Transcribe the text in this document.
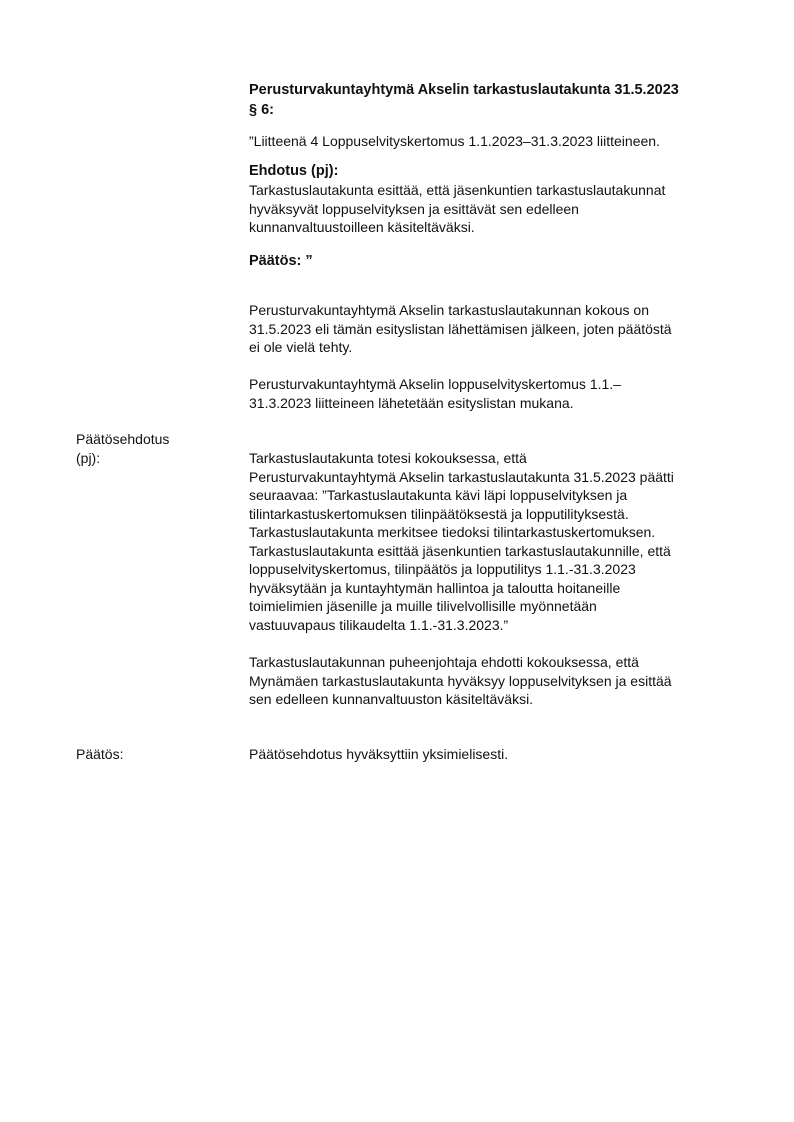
Perusturvakuntayhtymä Akselin tarkastuslautakunta 31.5.2023

§ 6:

”Liitteenä 4 Loppuselvityskertomus 1.1.2023–31.3.2023 liitteineen.

Ehdotus (pj):

Tarkastuslautakunta esittää, että jäsenkuntien tarkastuslautakunnat

hyväksyvät loppuselvityksen ja esittävät sen edelleen

kunnanvaltuustoilleen käsiteltäväksi.

Päätös: ”

Perusturvakuntayhtymä Akselin tarkastuslautakunnan kokous on

31.5.2023 eli tämän esityslistan lähettämisen jälkeen, joten päätöstä

ei ole vielä tehty.

Perusturvakuntayhtymä Akselin loppuselvityskertomus 1.1.–

31.3.2023 liitteineen lähetetään esityslistan mukana.

Päätösehdotus

(pj):	Tarkastuslautakunta totesi kokouksessa, että

Perusturvakuntayhtymä Akselin tarkastuslautakunta 31.5.2023 päätti

seuraavaa: ”Tarkastuslautakunta kävi läpi loppuselvityksen ja

tilintarkastuskertomuksen tilinpäätöksestä ja lopputilityksestä.

Tarkastuslautakunta merkitsee tiedoksi tilintarkastuskertomuksen.

Tarkastuslautakunta esittää jäsenkuntien tarkastuslautakunnille, että

loppuselvityskertomus, tilinpäätös ja lopputilitys 1.1.-31.3.2023

hyväksytään ja kuntayhtymän hallintoa ja taloutta hoitaneille

toimielimien jäsenille ja muille tilivelvollisille myönnetään

vastuuvapaus tilikaudelta 1.1.-31.3.2023.”

Tarkastuslautakunnan puheenjohtaja ehdotti kokouksessa, että

Mynämäen tarkastuslautakunta hyväksyy loppuselvityksen ja esittää

sen edelleen kunnanvaltuuston käsiteltäväksi.

Päätös:	Päätösehdotus hyväksyttiin yksimielisesti.
